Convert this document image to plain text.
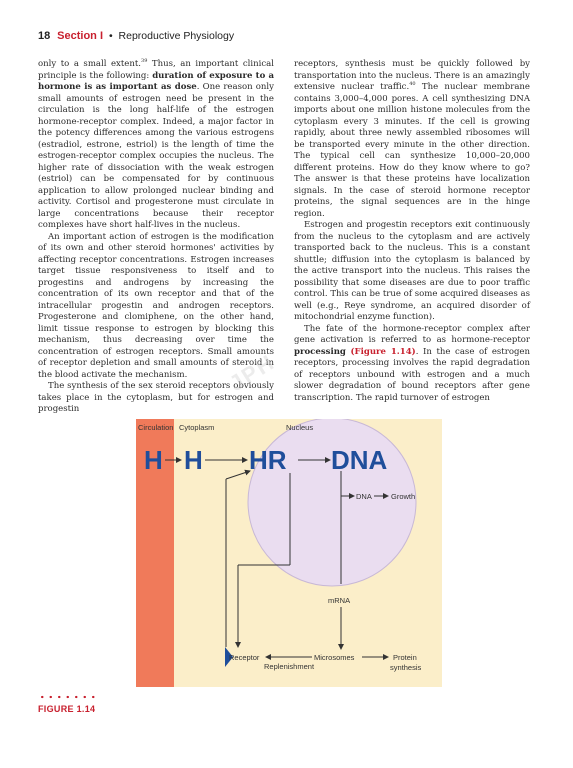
18 Section I • Reproductive Physiology

only to a small extent.$^{39}$ Thus, an important clinical principle is the following: duration of exposure to a hormone is as important as dose. One reason only small amounts of estrogen need be present in the circulation is the long half-life of the estrogen hormone-receptor complex. Indeed, a major factor in the potency differences among the various estrogens (estradiol, estrone, estriol) is the length of time the estrogen-receptor complex occupies the nucleus. The higher rate of dissociation with the weak estrogen (estriol) can be compensated for by continuous application to allow prolonged nuclear binding and activity. Cortisol and progesterone must circulate in large concentrations because their receptor complexes have short half-lives in the nucleus.

An important action of estrogen is the modification of its own and other steroid hormones' activities by affecting receptor concentrations. Estrogen increases target tissue responsiveness to itself and to progestins and androgens by increasing the concentration of its own receptor and that of the intracellular progestin and androgen receptors. Progesterone and clomiphene, on the other hand, limit tissue response to estrogen by blocking this mechanism, thus decreasing over time the concentration of estrogen receptors. Small amounts of receptor depletion and small amounts of steroid in the blood activate the mechanism.

The synthesis of the sex steroid receptors obviously takes place in the cytoplasm, but for estrogen and progestin

receptors, synthesis must be quickly followed by transportation into the nucleus. There is an amazingly extensive nuclear traffic.$^{40}$ The nuclear membrane contains 3,000–4,000 pores. A cell synthesizing DNA imports about one million histone molecules from the cytoplasm every 3 minutes. If the cell is growing rapidly, about three newly assembled ribosomes will be transported every minute in the other direction. The typical cell can synthesize 10,000–20,000 different proteins. How do they know where to go? The answer is that these proteins have localization signals. In the case of steroid hormone receptor proteins, the signal sequences are in the hinge region.

Estrogen and progestin receptors exit continuously from the nucleus to the cytoplasm and are actively transported back to the nucleus. This is a constant shuttle; diffusion into the cytoplasm is balanced by the active transport into the nucleus. This raises the possibility that some diseases are due to poor traffic control. This can be true of some acquired diseases as well (e.g., Reye syndrome, an acquired disorder of mitochondrial enzyme function).

The fate of the hormone-receptor complex after gene activation is referred to as hormone-receptor processing (Figure 1.14). In the case of estrogen receptors, processing involves the rapid degradation of receptors unbound with estrogen and a much slower degradation of bound receptors after gene transcription. The rapid turnover of estrogen

Circulation Cytoplasm	Nucleus
H H HR DNA
DNA	Growth
mRNA
Microsomes	Protein
synthesis
Receptor
Replenishment
JPH
FIGURE 1.14
